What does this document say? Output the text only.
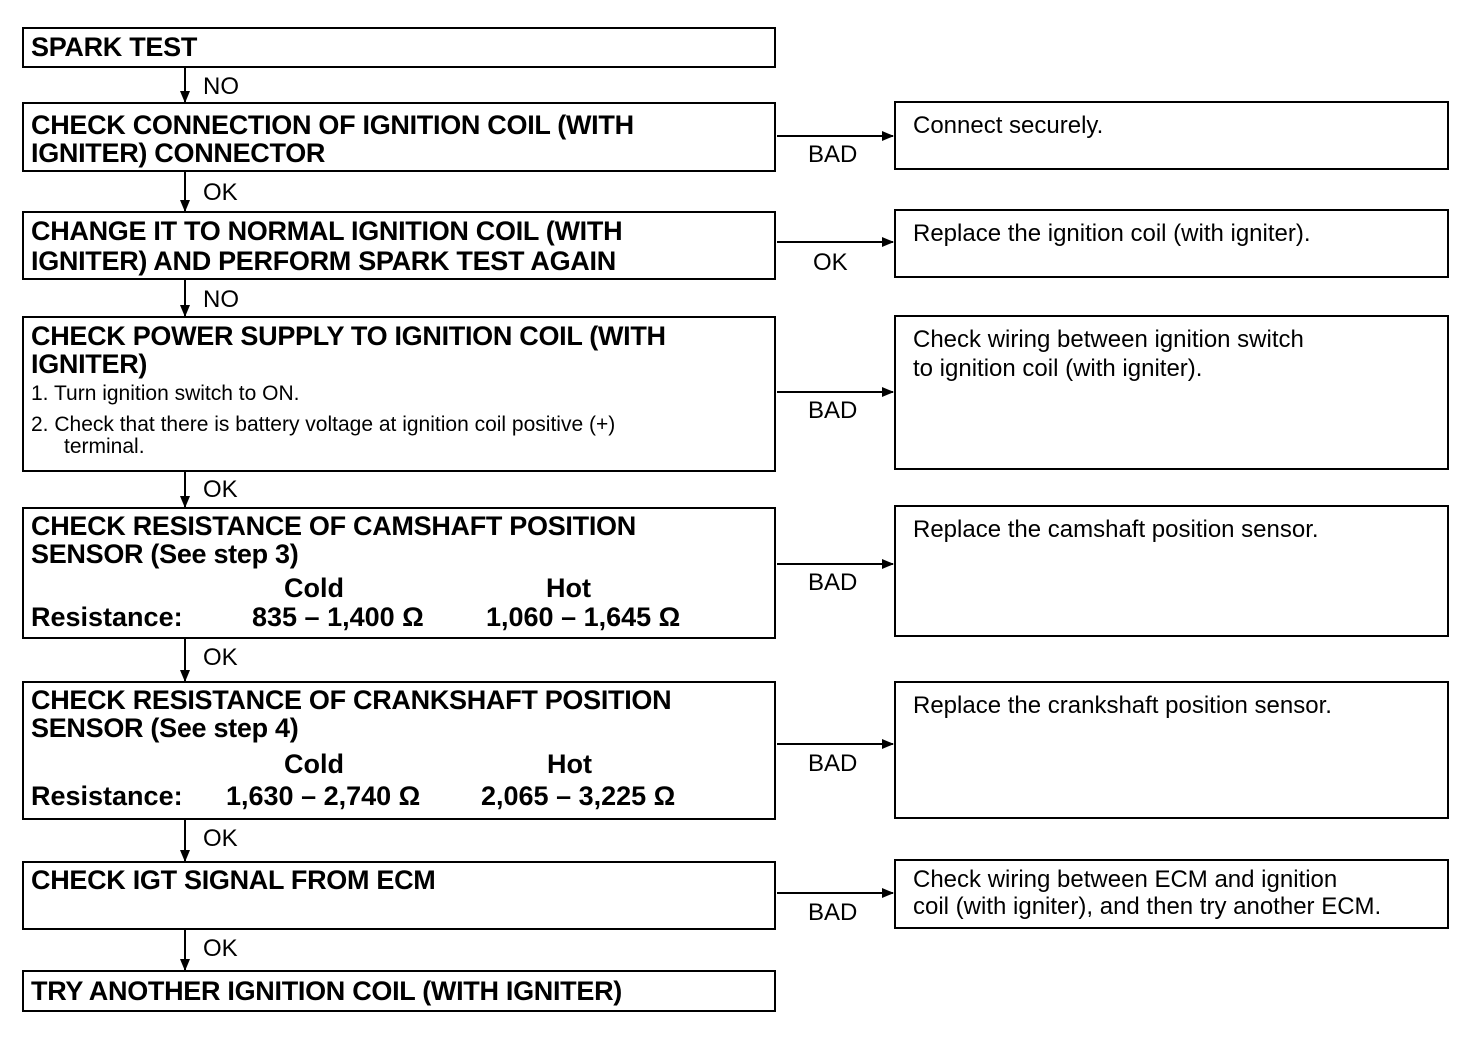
NO
OK
NO
OK
OK
OK
OK
BAD
OK
BAD
BAD
BAD
BAD
SPARK TEST
CHECK CONNECTION OF IGNITION COIL (WITH
IGNITER) CONNECTOR
CHANGE IT TO NORMAL IGNITION COIL (WITH
IGNITER) AND PERFORM SPARK TEST AGAIN
CHECK POWER SUPPLY TO IGNITION COIL (WITH
IGNITER)
1. Turn ignition switch to ON.
2. Check that there is battery voltage at ignition coil positive (+)
terminal.
CHECK RESISTANCE OF CAMSHAFT POSITION
SENSOR (See step 3)
Cold	Hot
Resistance:	835 – 1,400 Ω 1,060 – 1,645 Ω
CHECK RESISTANCE OF CRANKSHAFT POSITION
SENSOR (See step 4)
Cold	Hot
Resistance: 1,630 – 2,740 Ω 2,065 – 3,225 Ω
CHECK IGT SIGNAL FROM ECM
TRY ANOTHER IGNITION COIL (WITH IGNITER)
Connect securely.
Replace the ignition coil (with igniter).
Check wiring between ignition switch
to ignition coil (with igniter).
Replace the camshaft position sensor.
Replace the crankshaft position sensor.
Check wiring between ECM and ignition
coil (with igniter), and then try another ECM.
